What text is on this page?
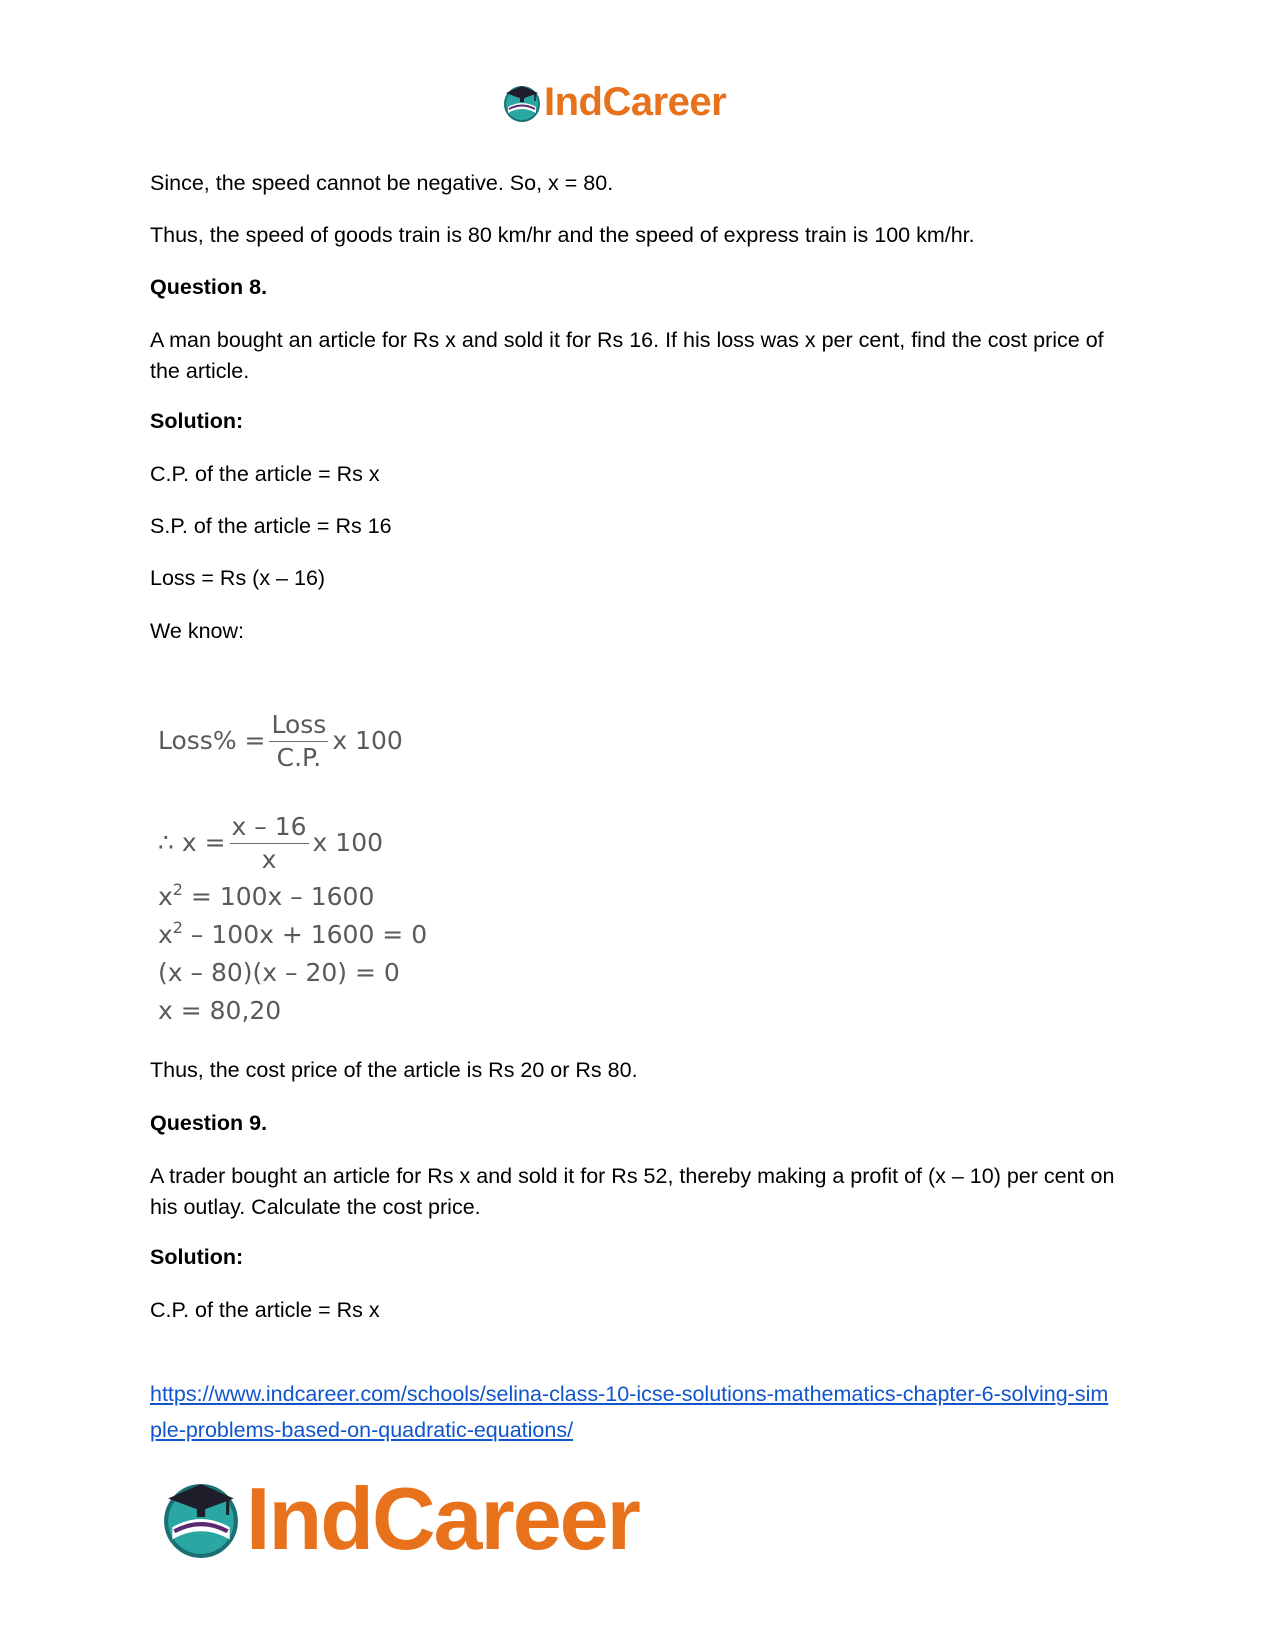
IndCareer
Since, the speed cannot be negative. So, x = 80.
Thus, the speed of goods train is 80 km/hr and the speed of express train is 100 km/hr.
Question 8.
A man bought an article for Rs x and sold it for Rs 16. If his loss was x per cent, find the cost price of the article.
Solution:
C.P. of the article = Rs x
S.P. of the article = Rs 16
Loss = Rs (x – 16)
We know:
Loss% = $\frac{\text{Loss}}{C.P.}$ x 100
∴ $x = \frac{x - 16}{x}$ x 100
$x^2 = 100x - 1600$
$x^2 - 100x + 1600 = 0$
(x – 80)(x – 20) = 0
x = 80,20
Thus, the cost price of the article is Rs 20 or Rs 80.
Question 9.
A trader bought an article for Rs x and sold it for Rs 52, thereby making a profit of (x – 10) per cent on his outlay. Calculate the cost price.
Solution:
C.P. of the article = Rs x
https://www.indcareer.com/schools/selina-class-10-icse-solutions-mathematics-chapter-6-solving-simple-problems-based-on-quadratic-equations/
IndCareer
